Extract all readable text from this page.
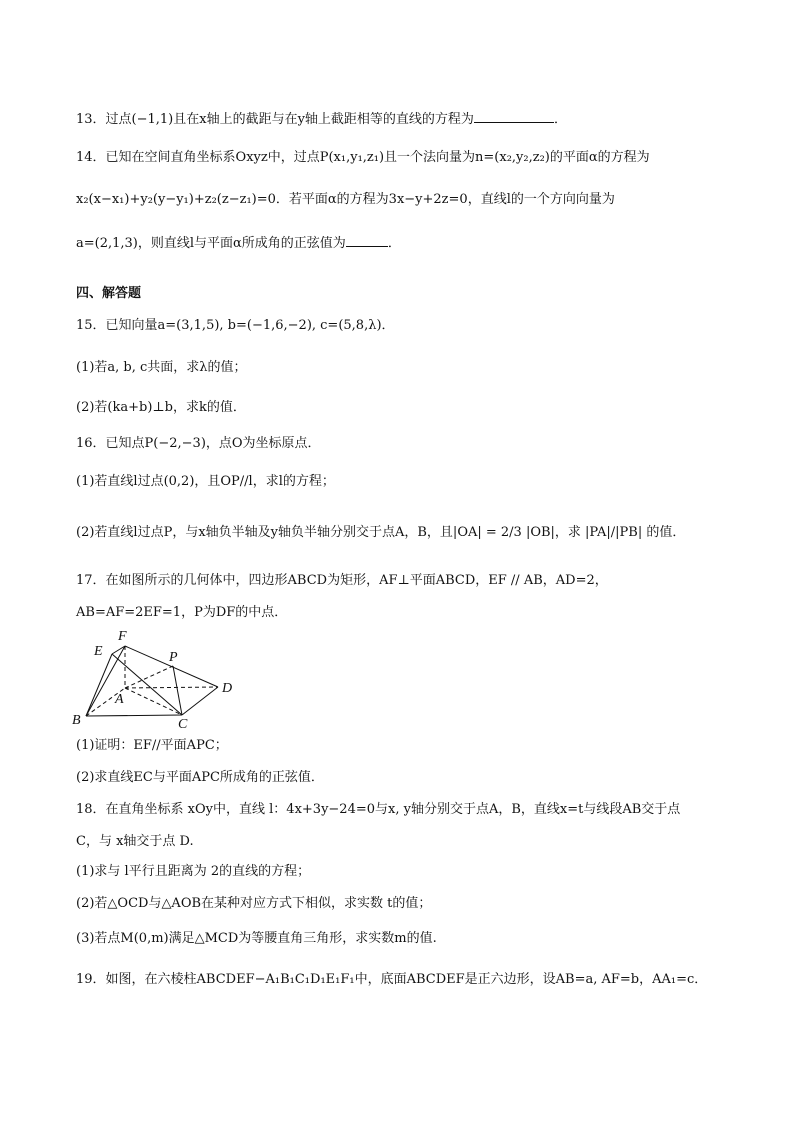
13．过点(−1,1)且在x轴上的截距与在y轴上截距相等的直线的方程为	．
14．已知在空间直角坐标系Oxyz中，过点P(x₁,y₁,z₁)且一个法向量为n=(x₂,y₂,z₂)的平面α的方程为
x₂(x−x₁)+y₂(y−y₁)+z₂(z−z₁)=0．若平面α的方程为3x−y+2z=0，直线l的一个方向向量为
a=(2,1,3)，则直线l与平面α所成角的正弦值为	．
四、解答题
15．已知向量a=(3,1,5), b=(−1,6,−2), c=(5,8,λ)．
(1)若a, b, c共面，求λ的值；
(2)若(ka+b)⊥b，求k的值．
16．已知点P(−2,−3)，点O为坐标原点．
(1)若直线l过点(0,2)，且OP//l，求l的方程；
(2)若直线l过点P，与x轴负半轴及y轴负半轴分别交于点A，B，且|OA| = 2/3 |OB|，求 |PA|/|PB| 的值．
17．在如图所示的几何体中，四边形ABCD为矩形，AF⊥平面ABCD，EF // AB，AD=2，
AB=AF=2EF=1，P为DF的中点．
F
E	P
D
A
B	C
(1)证明：EF//平面APC；
(2)求直线EC与平面APC所成角的正弦值．
18．在直角坐标系 xOy中，直线 l：4x+3y−24=0与x, y轴分别交于点A，B，直线x=t与线段AB交于点
C，与 x轴交于点 D.
(1)求与 l平行且距离为 2的直线的方程；
(2)若△OCD与△AOB在某种对应方式下相似，求实数 t的值；
(3)若点M(0,m)满足△MCD为等腰直角三角形，求实数m的值.
19．如图，在六棱柱ABCDEF−A₁B₁C₁D₁E₁F₁中，底面ABCDEF是正六边形，设AB=a, AF=b，AA₁=c．
